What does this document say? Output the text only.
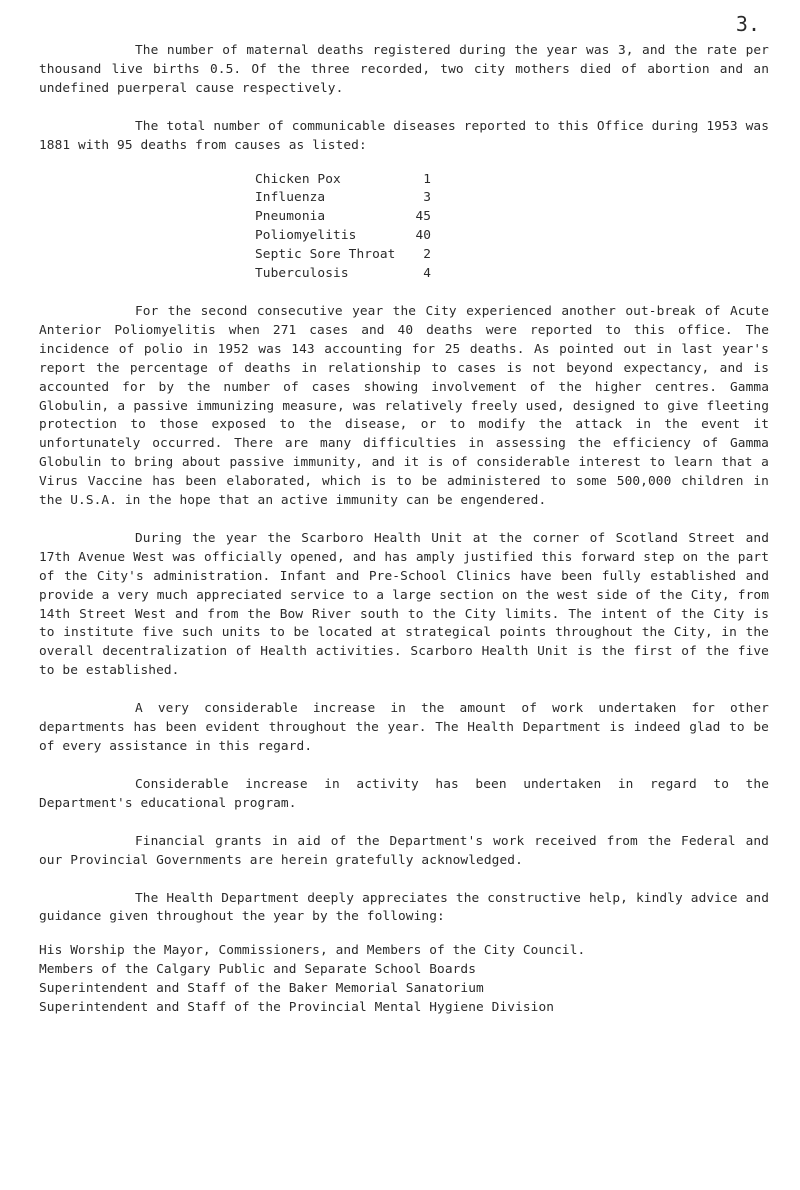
3.

The number of maternal deaths registered during the year was 3, and the rate per thousand live births 0.5. Of the three recorded, two city mothers died of abortion and an undefined puerperal cause respectively.

The total number of communicable diseases reported to this Office during 1953 was 1881 with 95 deaths from causes as listed:

Chicken Pox	1
Influenza	3
Pneumonia	45
Poliomyelitis	40
Septic Sore Throat	2
Tuberculosis	4

For the second consecutive year the City experienced another out-break of Acute Anterior Poliomyelitis when 271 cases and 40 deaths were reported to this office. The incidence of polio in 1952 was 143 accounting for 25 deaths. As pointed out in last year's report the percentage of deaths in relationship to cases is not beyond expectancy, and is accounted for by the number of cases showing involvement of the higher centres. Gamma Globulin, a passive immunizing measure, was relatively freely used, designed to give fleeting protection to those exposed to the disease, or to modify the attack in the event it unfortunately occurred. There are many difficulties in assessing the efficiency of Gamma Globulin to bring about passive immunity, and it is of considerable interest to learn that a Virus Vaccine has been elaborated, which is to be administered to some 500,000 children in the U.S.A. in the hope that an active immunity can be engendered.

During the year the Scarboro Health Unit at the corner of Scotland Street and 17th Avenue West was officially opened, and has amply justified this forward step on the part of the City's administration. Infant and Pre-School Clinics have been fully established and provide a very much appreciated service to a large section on the west side of the City, from 14th Street West and from the Bow River south to the City limits. The intent of the City is to institute five such units to be located at strategical points throughout the City, in the overall decentralization of Health activities. Scarboro Health Unit is the first of the five to be established.

A very considerable increase in the amount of work undertaken for other departments has been evident throughout the year. The Health Department is indeed glad to be of every assistance in this regard.

Considerable increase in activity has been undertaken in regard to the Department's educational program.

Financial grants in aid of the Department's work received from the Federal and our Provincial Governments are herein gratefully acknowledged.

The Health Department deeply appreciates the constructive help, kindly advice and guidance given throughout the year by the following:

His Worship the Mayor, Commissioners, and Members of the City Council.
Members of the Calgary Public and Separate School Boards
Superintendent and Staff of the Baker Memorial Sanatorium
Superintendent and Staff of the Provincial Mental Hygiene Division
